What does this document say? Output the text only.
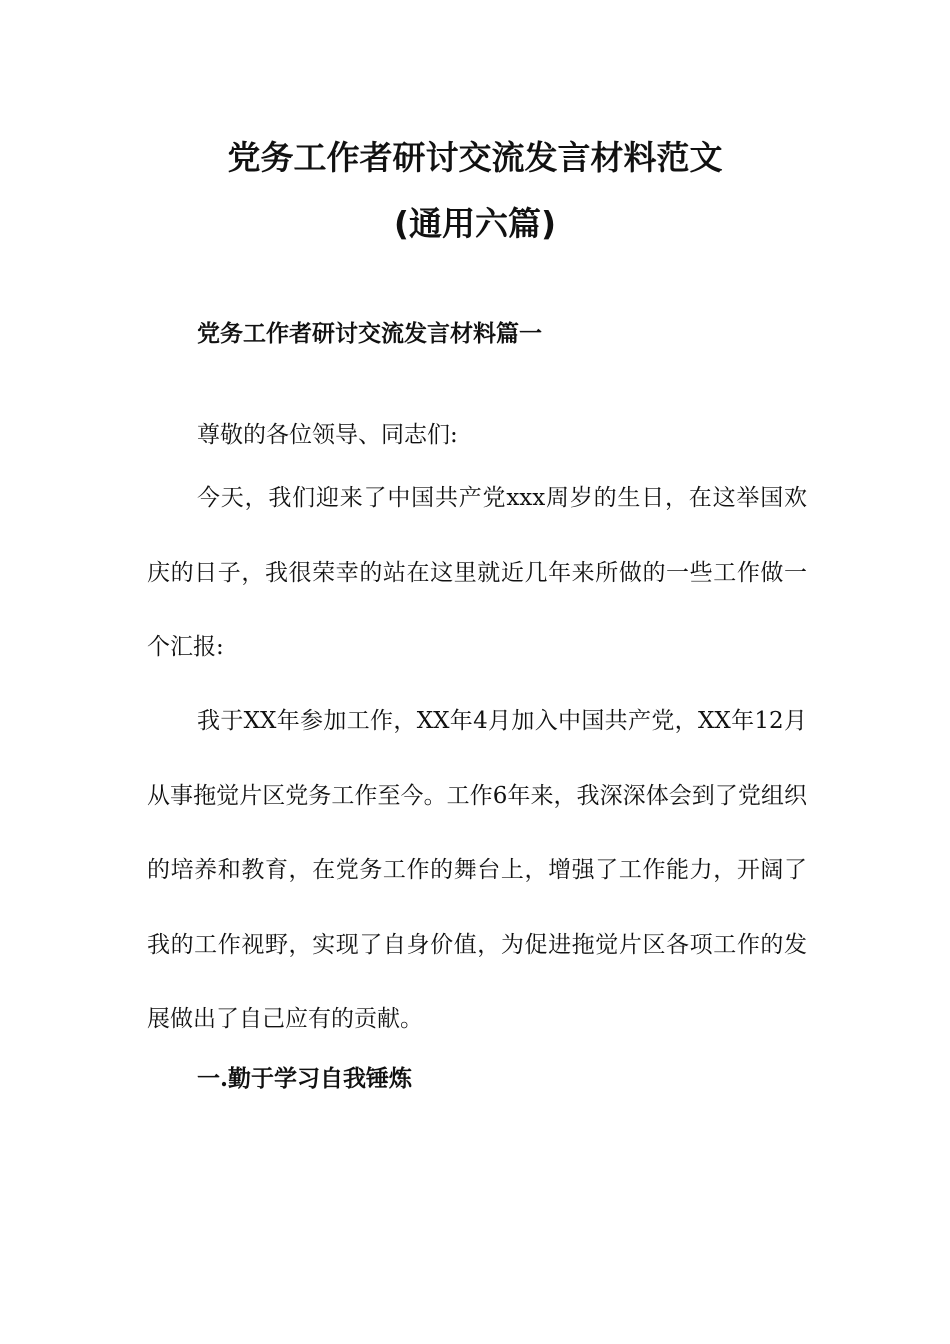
党务工作者研讨交流发言材料范文
(通用六篇)
党务工作者研讨交流发言材料篇一
尊敬的各位领导、同志们:
今天，我们迎来了中国共产党xxx周岁的生日，在这举国欢庆的日子，我很荣幸的站在这里就近几年来所做的一些工作做一个汇报:
我于XX年参加工作，XX年4月加入中国共产党，XX年12月从事拖觉片区党务工作至今。工作6年来，我深深体会到了党组织的培养和教育，在党务工作的舞台上，增强了工作能力，开阔了我的工作视野，实现了自身价值，为促进拖觉片区各项工作的发展做出了自己应有的贡献。
一.勤于学习自我锤炼
